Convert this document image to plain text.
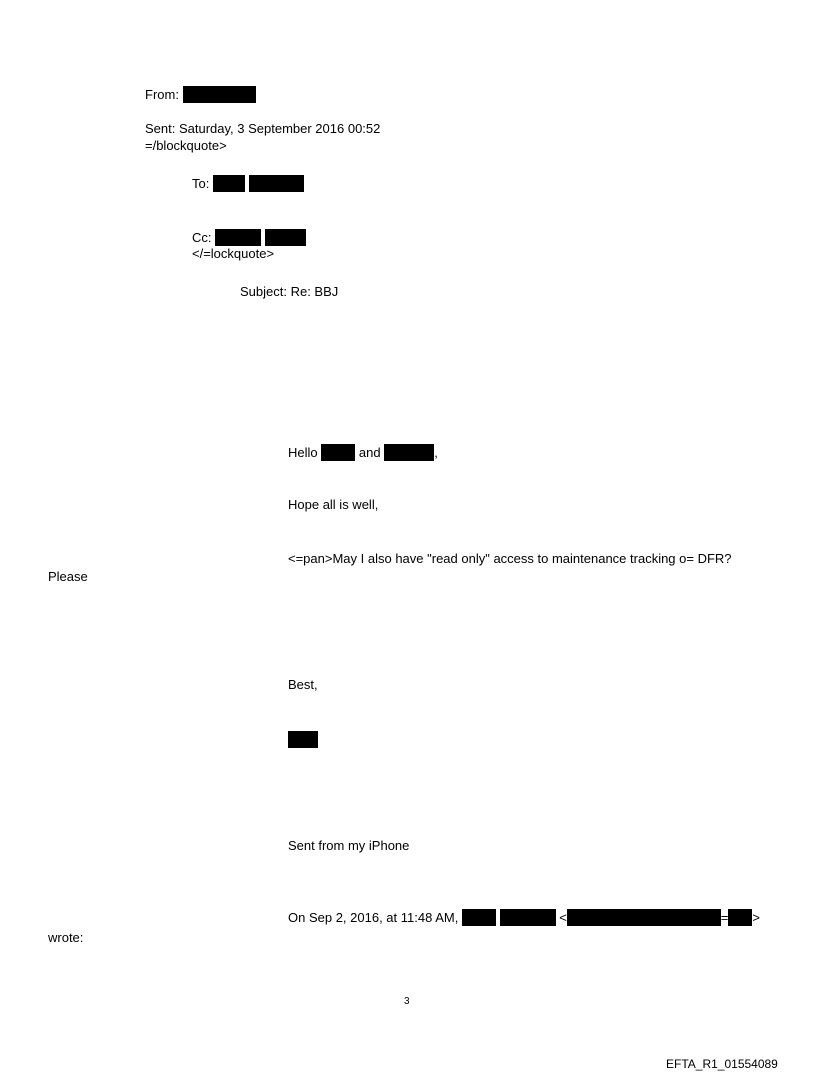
From:
Sent: Saturday, 3 September 2016 00:52
=/blockquote>
To:
Cc:
</=lockquote>
Subject: Re: BBJ
Hello	and	,
Hope all is well,
<=pan>May I also have "read only" access to maintenance tracking o= DFR?
Please
Best,
Sent from my iPhone
On Sep 2, 2016, at 11:48 AM,	<	= >
wrote:
3
EFTA_R1_01554089
